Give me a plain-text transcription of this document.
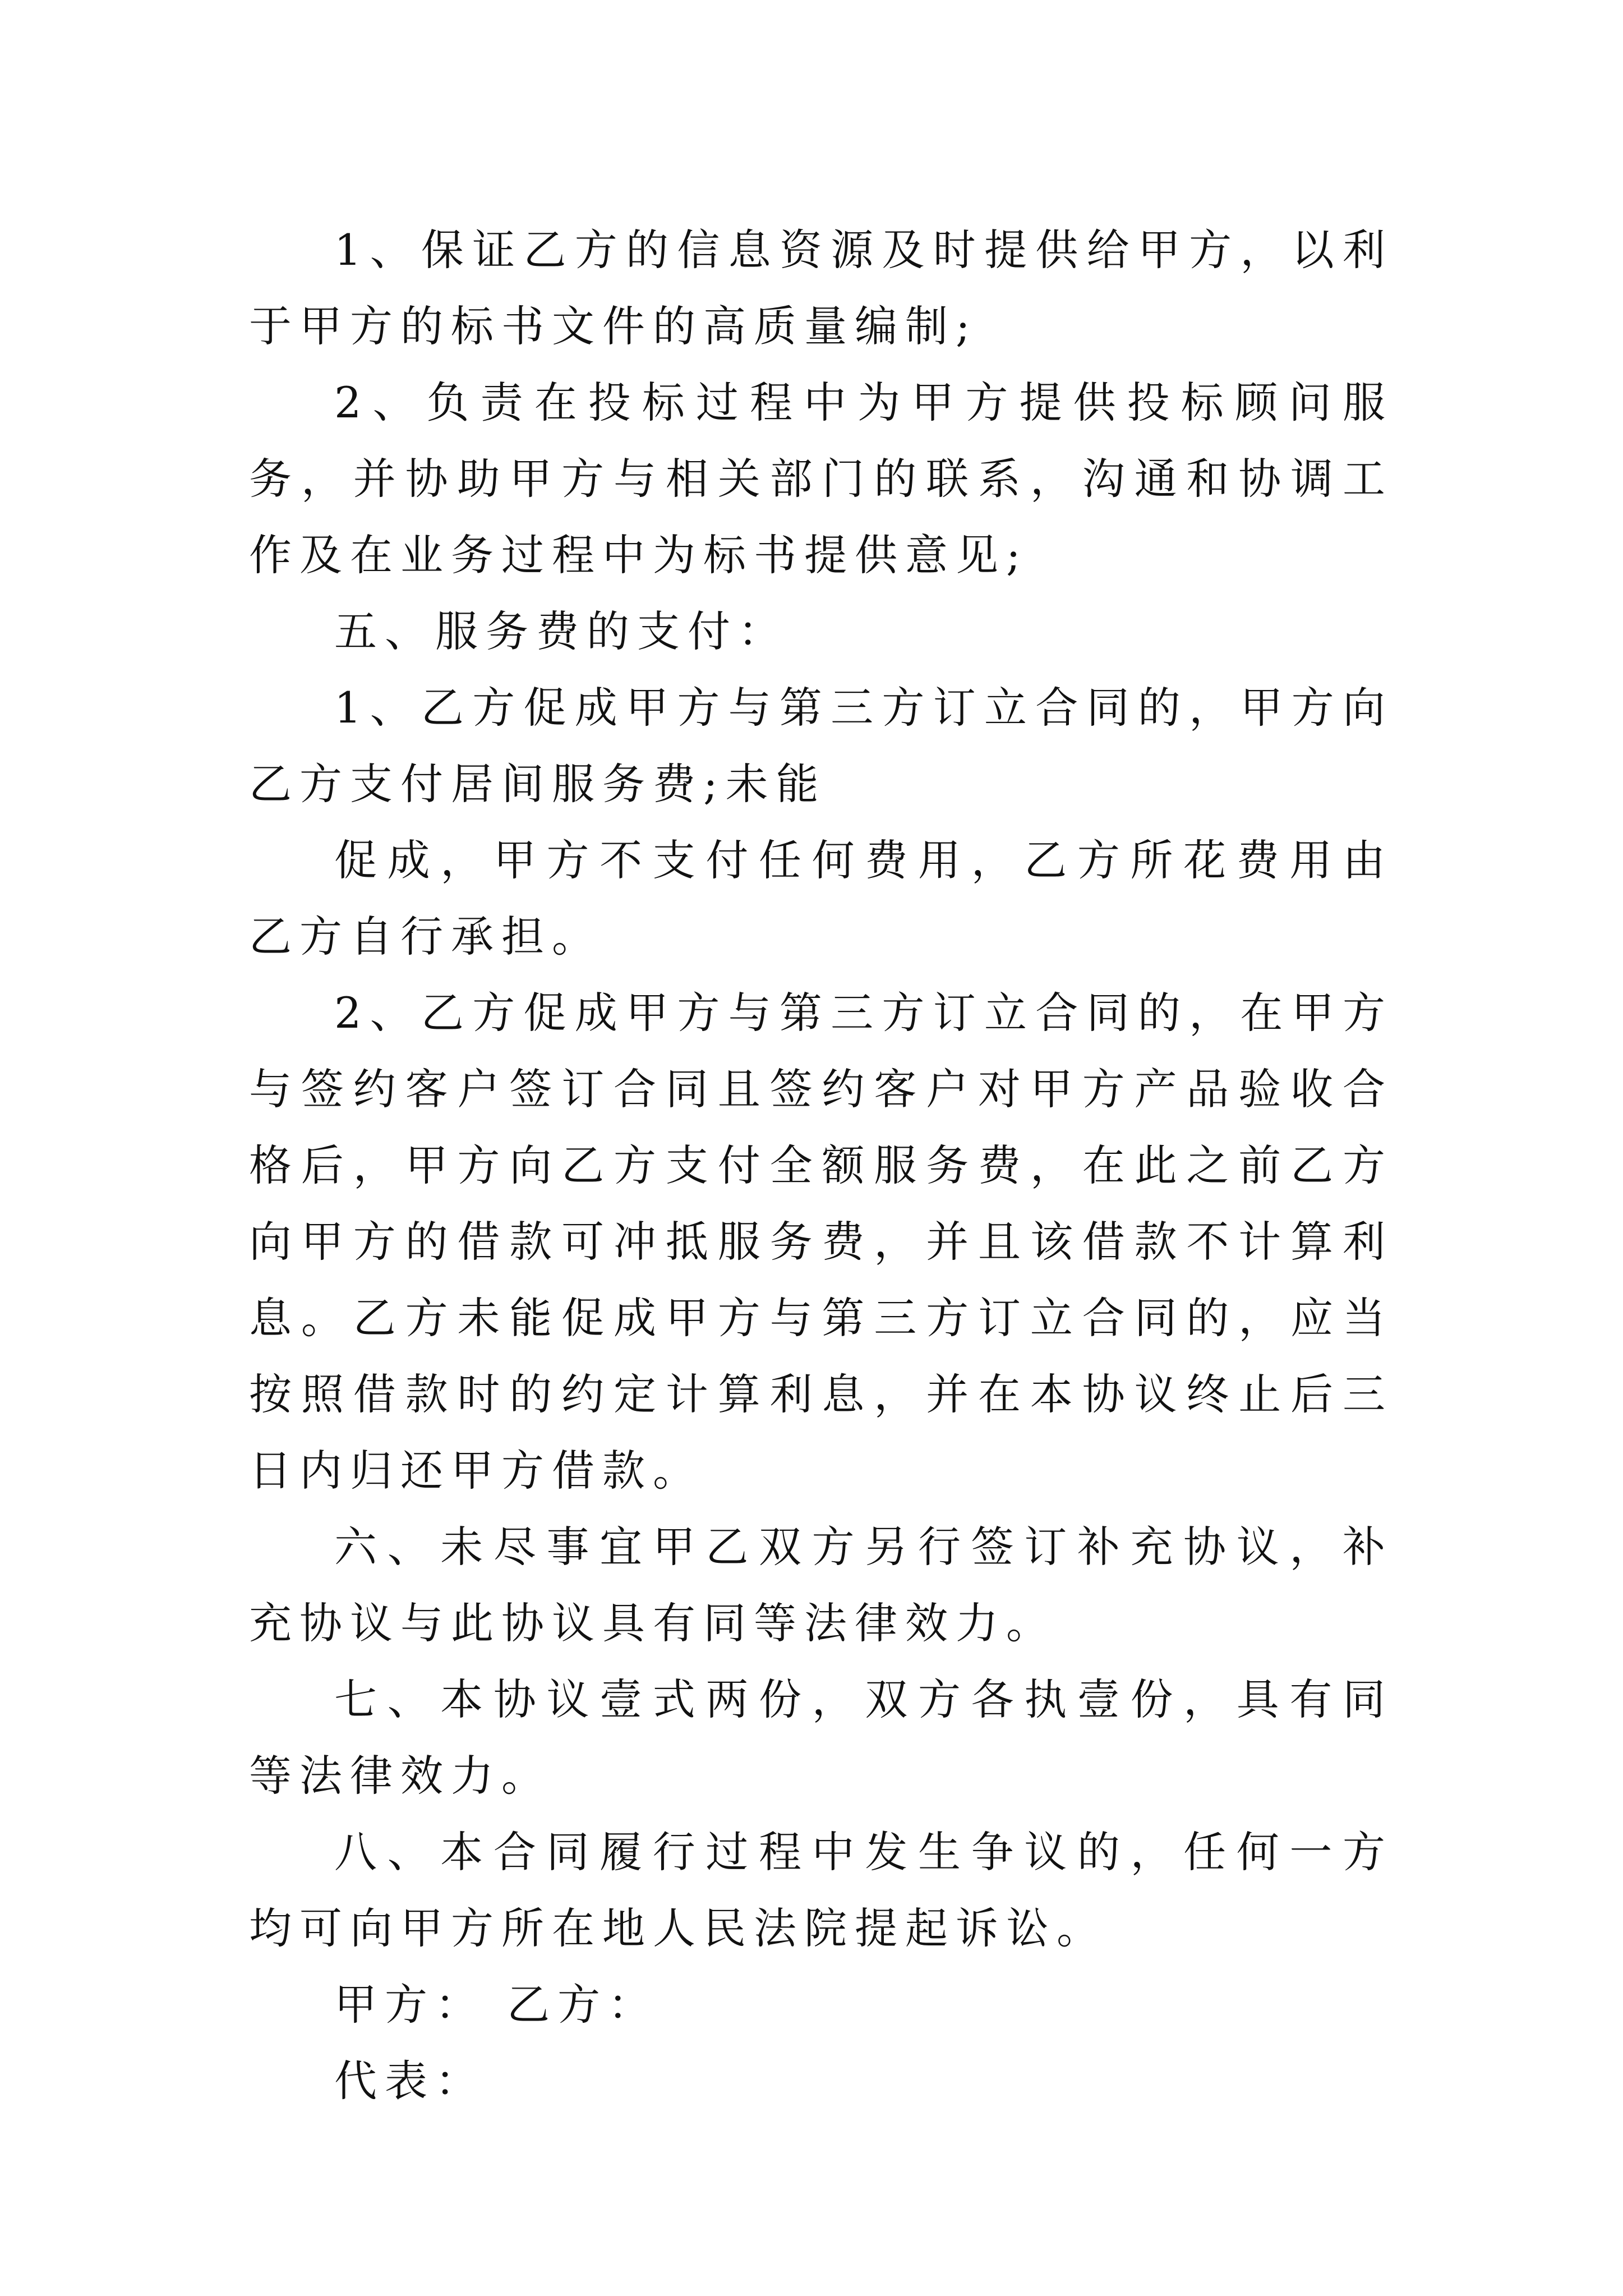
1、保证乙方的信息资源及时提供给甲方，以利于甲方的标书文件的高质量编制;

2、负责在投标过程中为甲方提供投标顾问服务，并协助甲方与相关部门的联系，沟通和协调工作及在业务过程中为标书提供意见;

五、服务费的支付：

1、乙方促成甲方与第三方订立合同的，甲方向乙方支付居间服务费;未能

促成，甲方不支付任何费用，乙方所花费用由乙方自行承担。

2、乙方促成甲方与第三方订立合同的，在甲方与签约客户签订合同且签约客户对甲方产品验收合格后，甲方向乙方支付全额服务费，在此之前乙方向甲方的借款可冲抵服务费，并且该借款不计算利息。乙方未能促成甲方与第三方订立合同的，应当按照借款时的约定计算利息，并在本协议终止后三日内归还甲方借款。

六、未尽事宜甲乙双方另行签订补充协议，补充协议与此协议具有同等法律效力。

七、本协议壹式两份，双方各执壹份，具有同等法律效力。

八、本合同履行过程中发生争议的，任何一方均可向甲方所在地人民法院提起诉讼。

甲方： 乙方：

代表：
